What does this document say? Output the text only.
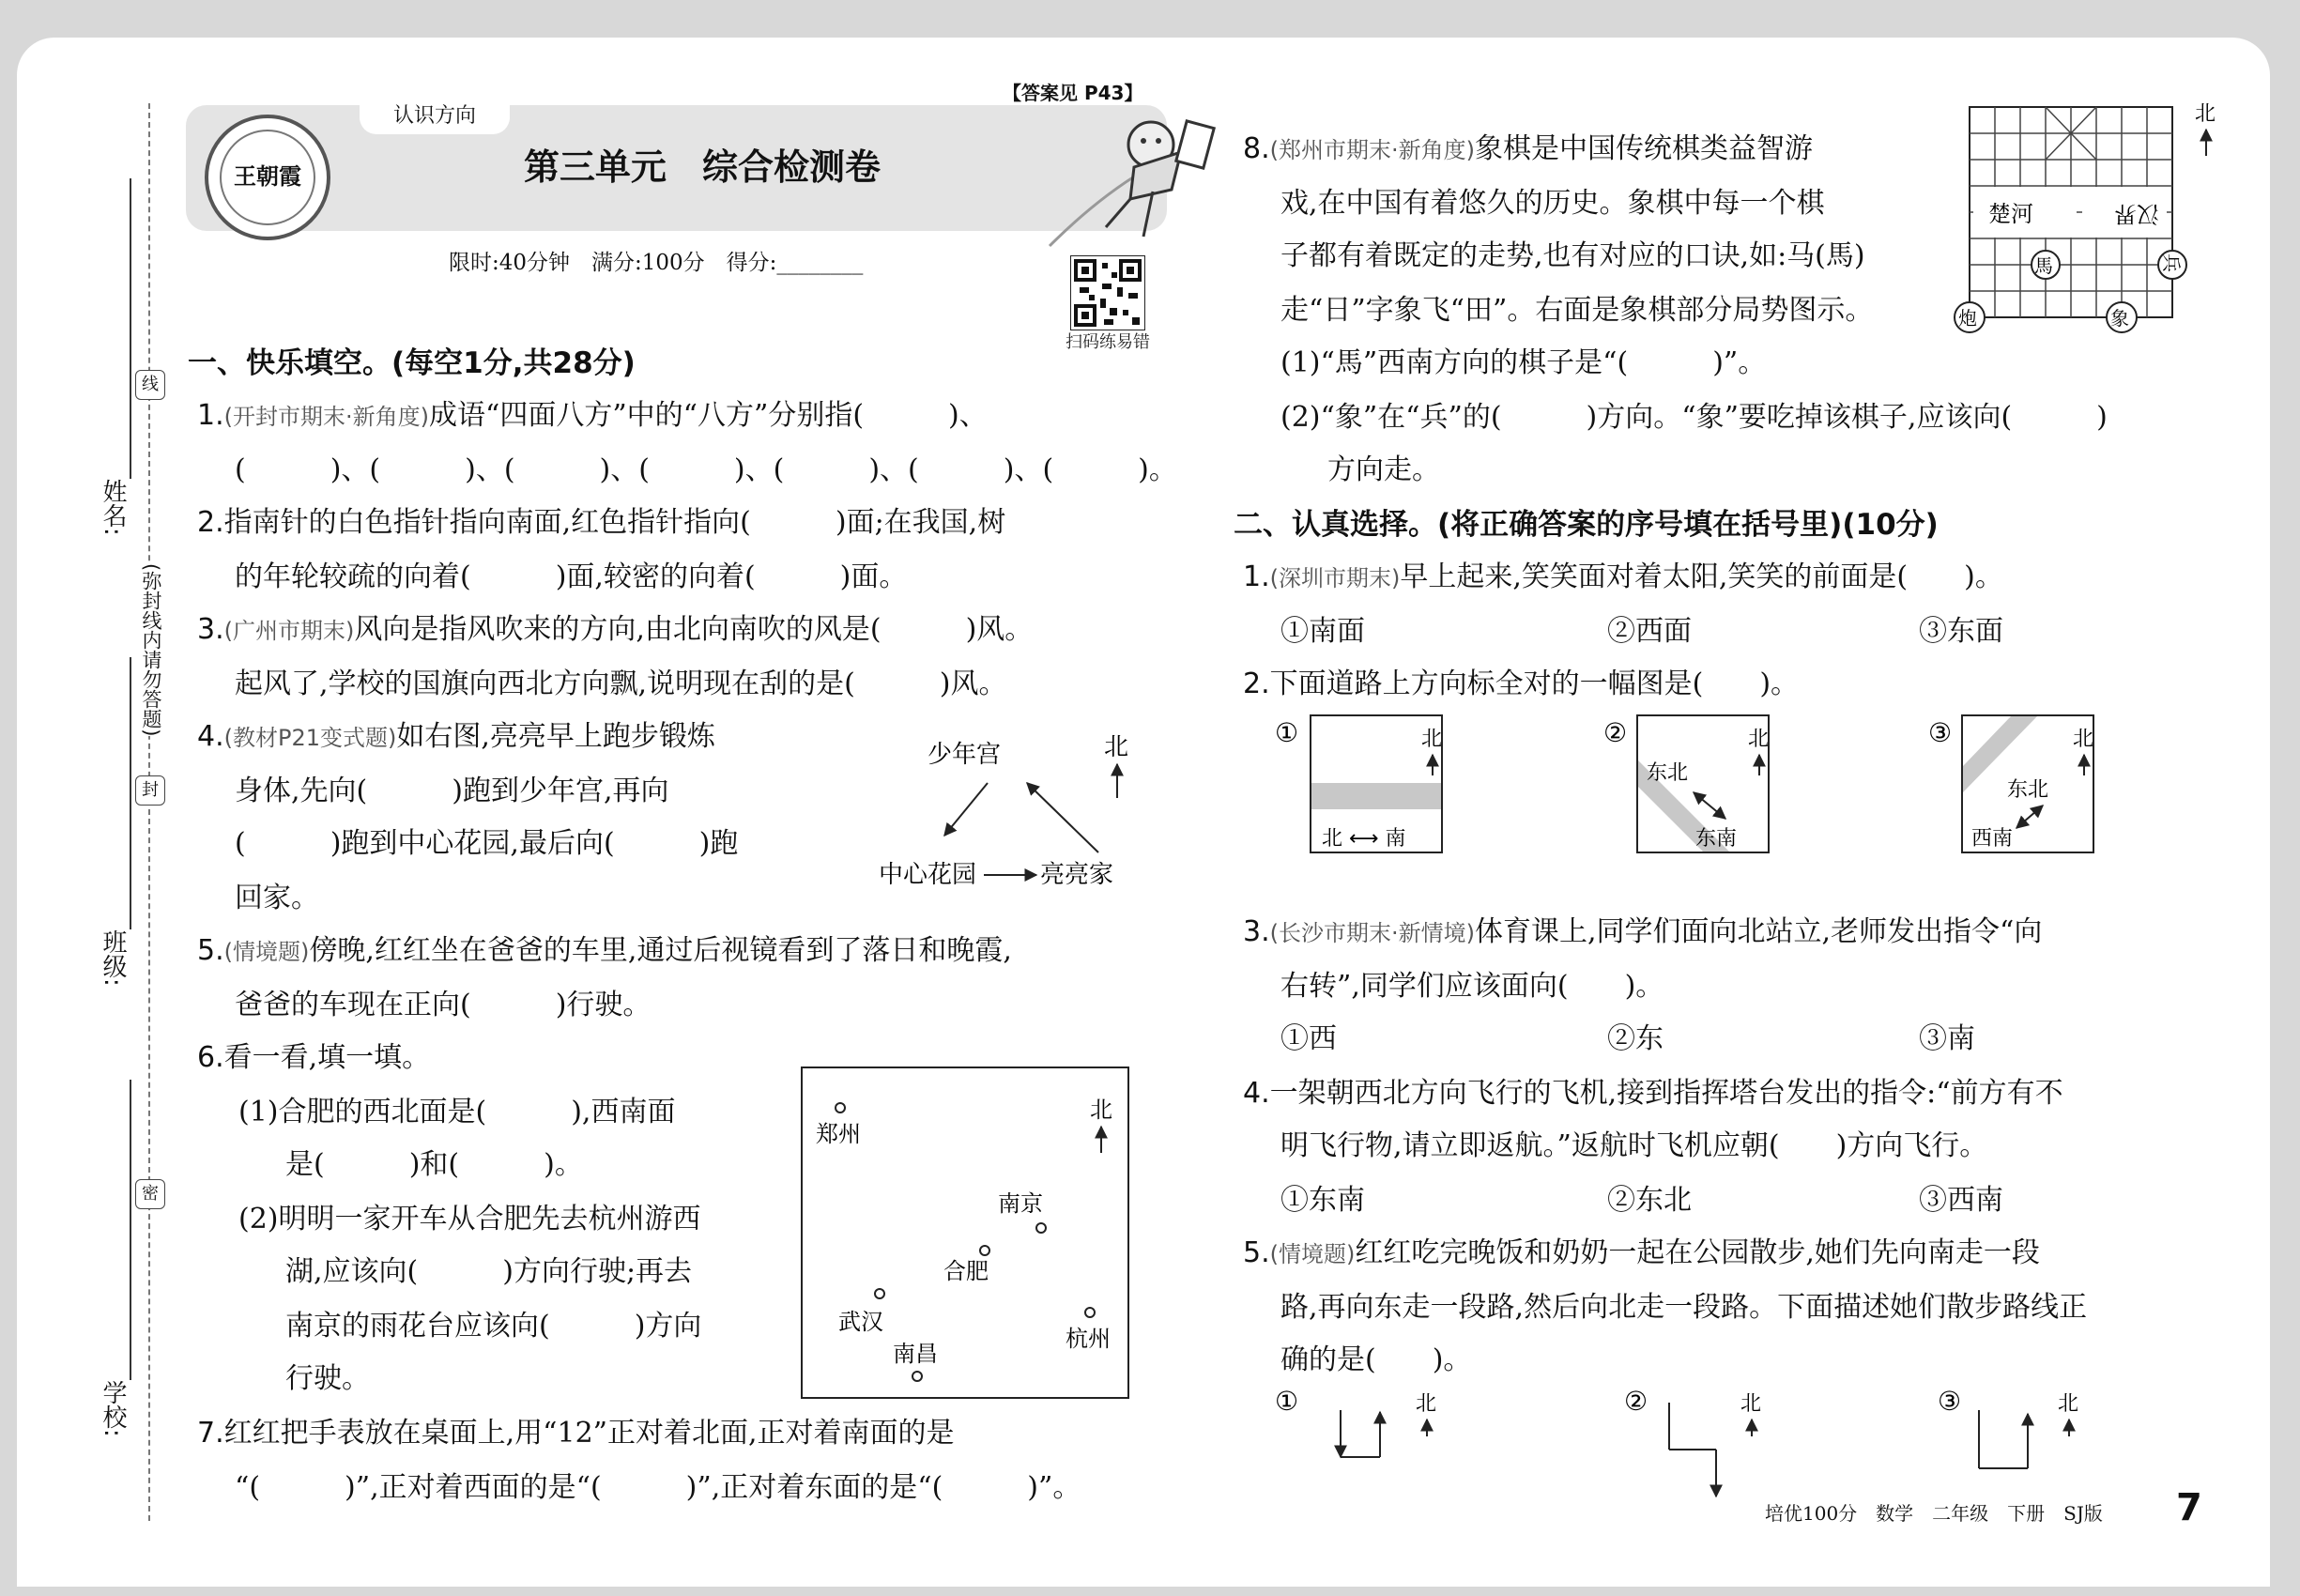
姓名:
班级:
学校:
线
封
密
(弥封线内请勿答题)
王朝霞
认识方向
【答案见 P43】
第三单元　综合检测卷
限时:40分钟　满分:100分　得分:________
扫码练易错
一、快乐填空。(每空1分,共28分)
1.(开封市期末·新角度)成语“四面八方”中的“八方”分别指(　　　)、
(　　　)、(　　　)、(　　　)、(　　　)、(　　　)、(　　　)、(　　　)。
2.指南针的白色指针指向南面,红色指针指向(　　　)面;在我国,树
的年轮较疏的向着(　　　)面,较密的向着(　　　)面。
3.(广州市期末)风向是指风吹来的方向,由北向南吹的风是(　　　)风。
起风了,学校的国旗向西北方向飘,说明现在刮的是(　　　)风。
4.(教材P21变式题)如右图,亮亮早上跑步锻炼
身体,先向(　　　)跑到少年宫,再向
(　　　)跑到中心花园,最后向(　　　)跑
回家。
少年宫	北
中心花园	亮亮家
5.(情境题)傍晚,红红坐在爸爸的车里,通过后视镜看到了落日和晚霞,
爸爸的车现在正向(　　　)行驶。
6.看一看,填一填。
(1)合肥的西北面是(　　　),西南面
是(　　　)和(　　　)。
(2)明明一家开车从合肥先去杭州游西
湖,应该向(　　　)方向行驶;再去
南京的雨花台应该向(　　　)方向
行驶。
北
郑州
南京
合肥
武汉
杭州
南昌
7.红红把手表放在桌面上,用“12”正对着北面,正对着南面的是
“(　　　)”,正对着西面的是“(　　　)”,正对着东面的是“(　　　)”。
8.(郑州市期末·新角度)象棋是中国传统棋类益智游
戏,在中国有着悠久的历史。象棋中每一个棋
子都有着既定的走势,也有对应的口诀,如:马(馬)
走“日”字象飞“田”。右面是象棋部分局势图示。
(1)“馬”西南方向的棋子是“(　　　)”。
(2)“象”在“兵”的(　　　)方向。“象”要吃掉该棋子,应该向(　　　)
方向走。
楚河	汉界
北
馬	兵
炮	象
二、认真选择。(将正确答案的序号填在括号里)(10分)
1.(深圳市期末)早上起来,笑笑面对着太阳,笑笑的前面是(　　)。
①南面	②西面	③东面
2.下面道路上方向标全对的一幅图是(　　)。
①	北
北 ⟷ 南
②	北
东北
东南
③	北
东北
西南
3.(长沙市期末·新情境)体育课上,同学们面向北站立,老师发出指令“向
右转”,同学们应该面向(　　)。
①西	②东	③南
4.一架朝西北方向飞行的飞机,接到指挥塔台发出的指令:“前方有不
明飞行物,请立即返航。”返航时飞机应朝(　　)方向飞行。
①东南	②东北	③西南
5.(情境题)红红吃完晚饭和奶奶一起在公园散步,她们先向南走一段
路,再向东走一段路,然后向北走一段路。下面描述她们散步路线正
确的是(　　)。
①	北	②	北	③	北
培优100分　数学　二年级　下册　SJ版 7
